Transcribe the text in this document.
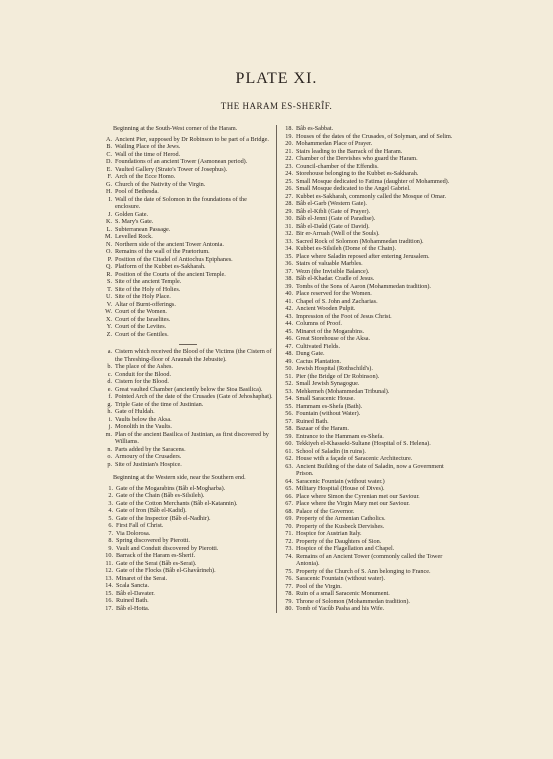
PLATE XI.
THE HARAM ES-SHERÎF.
Beginning at the South-West corner of the Haram.
A. Ancient Pier, supposed by Dr Robinson to be part of a Bridge.
B. Wailing Place of the Jews.
C. Wall of the time of Herod.
D. Foundations of an ancient Tower (Asmonean period).
E. Vaulted Gallery (Strato's Tower of Josephus).
F. Arch of the Ecce Homo.
G. Church of the Nativity of the Virgin.
H. Pool of Bethesda.
I. Wall of the date of Solomon in the foundations of the enclosure.
J. Golden Gate.
K. S. Mary's Gate.
L. Subterranean Passage.
M. Levelled Rock.
N. Northern side of the ancient Tower Antonia.
O. Remains of the wall of the Prætorium.
P. Position of the Citadel of Antiochus Epiphanes.
Q. Platform of the Kubbet es-Sakharah.
R. Position of the Courts of the ancient Temple.
S. Site of the ancient Temple.
T. Site of the Holy of Holies.
U. Site of the Holy Place.
V. Altar of Burnt-offerings.
W. Court of the Women.
X. Court of the Israelites.
Y. Court of the Levites.
Z. Court of the Gentiles.
a. Cistern which received the Blood of the Victims (the Cistern of the Threshing-floor of Araunah the Jebusite).
b. The place of the Ashes.
c. Conduit for the Blood.
d. Cistern for the Blood.
e. Great vaulted Chamber (anciently below the Stoa Basilica).
f. Pointed Arch of the date of the Crusades (Gate of Jehoshaphat).
g. Triple Gate of the time of Justinian.
h. Gate of Huldah.
i. Vaults below the Aksa.
j. Monolith in the Vaults.
m. Plan of the ancient Basilica of Justinian, as first discovered by Williams.
n. Parts added by the Saracens.
o. Armoury of the Crusaders.
p. Site of Justinian's Hospice.
Beginning at the Western side, near the Southern end.
1. Gate of the Mogarabins (Bâb el-Mogharba).
2. Gate of the Chain (Bâb es-Silsileh).
3. Gate of the Cotton Merchants (Bâb el-Katannin).
4. Gate of Iron (Bâb el-Kadid).
5. Gate of the Inspector (Bâb el-Nadhir).
6. First Fall of Christ.
7. Via Dolorosa.
8. Spring discovered by Pierotti.
9. Vault and Conduit discovered by Pierotti.
10. Barrack of the Haram es-Sherif.
11. Gate of the Serai (Bâb es-Serai).
12. Gate of the Flocks (Bâb el-Ghavârineh).
13. Minaret of the Serai.
14. Scala Sancta.
15. Bâb el-Davater.
16. Ruined Bath.
17. Bâb el-Hotta.
18. Bâb es-Sabbat.
19. Houses of the dates of the Crusades, of Solyman, and of Selim.
20. Mohammedan Place of Prayer.
21. Stairs leading to the Barrack of the Haram.
22. Chamber of the Dervishes who guard the Haram.
23. Council-chamber of the Effendis.
24. Storehouse belonging to the Kubbet es-Sakharah.
25. Small Mosque dedicated to Fatima (daughter of Mohammed).
26. Small Mosque dedicated to the Angel Gabriel.
27. Kubbet es-Sakharah, commonly called the Mosque of Omar.
28. Bâb el-Garb (Western Gate).
29. Bâb el-Kibli (Gate of Prayer).
30. Bâb el-Jenni (Gate of Paradise).
31. Bâb el-Daûd (Gate of David).
32. Bir er-Arruah (Well of the Souls).
33. Sacred Rock of Solomon (Mohammedan tradition).
34. Kubbet es-Silsileh (Dome of the Chain).
35. Place where Saladin reposed after entering Jerusalem.
36. Stairs of valuable Marbles.
37. Wezn (the Invisible Balance).
38. Bâb el-Khadar. Cradle of Jesus.
39. Tombs of the Sons of Aaron (Mohammedan tradition).
40. Place reserved for the Women.
41. Chapel of S. John and Zacharias.
42. Ancient Wooden Pulpit.
43. Impression of the Foot of Jesus Christ.
44. Columns of Proof.
45. Minaret of the Mogarabins.
46. Great Storehouse of the Aksa.
47. Cultivated Fields.
48. Dung Gate.
49. Cactus Plantation.
50. Jewish Hospital (Rothschild's).
51. Pier (the Bridge of Dr Robinson).
52. Small Jewish Synagogue.
53. Mehkemeh (Mohammedan Tribunal).
54. Small Saracenic House.
55. Hammam es-Shefa (Bath).
56. Fountain (without Water).
57. Ruined Bath.
58. Bazaar of the Haram.
59. Entrance to the Hammam es-Shefa.
60. Tekkiyeh el-Khasseki-Sultane (Hospital of S. Helena).
61. School of Saladin (in ruins).
62. House with a façade of Saracenic Architecture.
63. Ancient Building of the date of Saladin, now a Government Prison.
64. Saracenic Fountain (without water.)
65. Military Hospital (House of Dives).
66. Place where Simon the Cyrenian met our Saviour.
67. Place where the Virgin Mary met our Saviour.
68. Palace of the Governor.
69. Property of the Armenian Catholics.
70. Property of the Kusbeck Dervishes.
71. Hospice for Austrian Italy.
72. Property of the Daughters of Sion.
73. Hospice of the Flagellation and Chapel.
74. Remains of an Ancient Tower (commonly called the Tower Antonia).
75. Property of the Church of S. Ann belonging to France.
76. Saracenic Fountain (without water).
77. Pool of the Virgin.
78. Ruin of a small Saracenic Monument.
79. Throne of Solomon (Mohammedan tradition).
80. Tomb of Yacûb Pasha and his Wife.
